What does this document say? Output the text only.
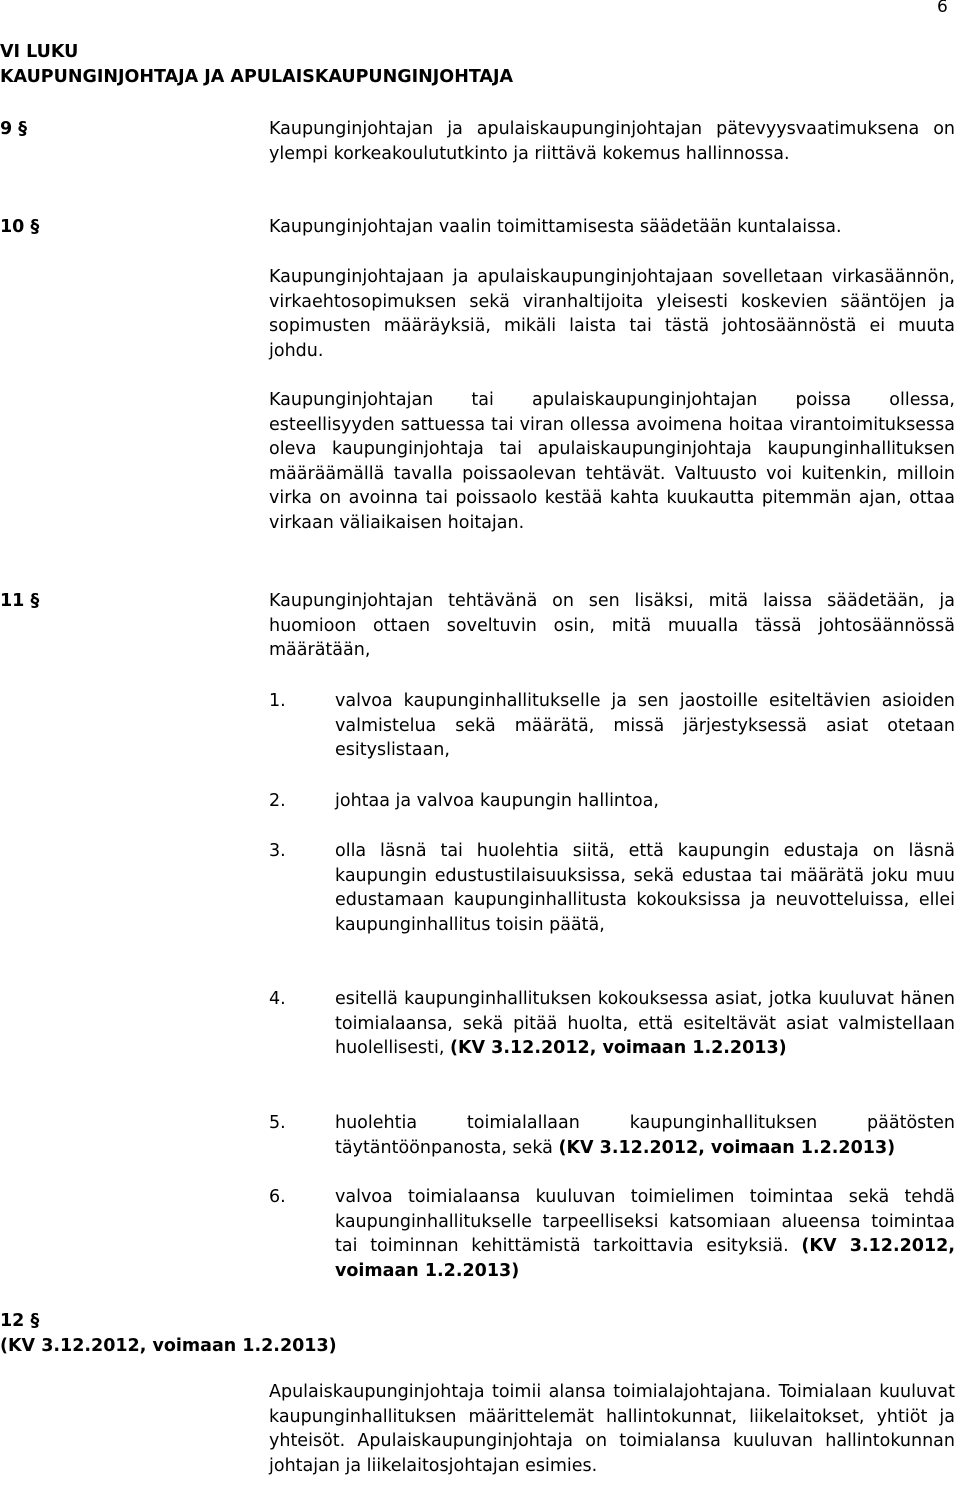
6

VI LUKU

KAUPUNGINJOHTAJA JA APULAISKAUPUNGINJOHTAJA

9 §	Kaupunginjohtajan ja apulaiskaupunginjohtajan pätevyysvaatimuksena on ylempi korkeakoulututkinto ja riittävä kokemus hallinnossa.

10 §	Kaupunginjohtajan vaalin toimittamisesta säädetään kuntalaissa.

Kaupunginjohtajaan ja apulaiskaupunginjohtajaan sovelletaan virkasäännön, virkaehtosopimuksen sekä viranhaltijoita yleisesti koskevien sääntöjen ja sopimusten määräyksiä, mikäli laista tai tästä johtosäännöstä ei muuta johdu.

Kaupunginjohtajan tai apulaiskaupunginjohtajan poissa ollessa, esteellisyyden sattuessa tai viran ollessa avoimena hoitaa virantoimituksessa oleva kaupunginjohtaja tai apulaiskaupunginjohtaja kaupunginhallituksen määräämällä tavalla poissaolevan tehtävät. Valtuusto voi kuitenkin, milloin virka on avoinna tai poissaolo kestää kahta kuukautta pitemmän ajan, ottaa virkaan väliaikaisen hoitajan.

11 §	Kaupunginjohtajan tehtävänä on sen lisäksi, mitä laissa säädetään, ja huomioon ottaen soveltuvin osin, mitä muualla tässä johtosäännössä määrätään,

1.	valvoa kaupunginhallitukselle ja sen jaostoille esiteltävien asioiden valmistelua sekä määrätä, missä järjestyksessä asiat otetaan esityslistaan,

2.	johtaa ja valvoa kaupungin hallintoa,

3.	olla läsnä tai huolehtia siitä, että kaupungin edustaja on läsnä kaupungin edustustilaisuuksissa, sekä edustaa tai määrätä joku muu edustamaan kaupunginhallitusta kokouksissa ja neuvotteluissa, ellei kaupunginhallitus toisin päätä,

4.	esitellä kaupunginhallituksen kokouksessa asiat, jotka kuuluvat hänen toimialaansa, sekä pitää huolta, että esiteltävät asiat valmistellaan huolellisesti, (KV 3.12.2012, voimaan 1.2.2013)

5.	huolehtia toimialallaan kaupunginhallituksen päätösten täytäntöönpanosta, sekä (KV 3.12.2012, voimaan 1.2.2013)

6.	valvoa toimialaansa kuuluvan toimielimen toimintaa sekä tehdä kaupunginhallitukselle tarpeelliseksi katsomiaan alueensa toimintaa tai toiminnan kehittämistä tarkoittavia esityksiä. (KV 3.12.2012, voimaan 1.2.2013)

12 §

(KV 3.12.2012, voimaan 1.2.2013)

Apulaiskaupunginjohtaja toimii alansa toimialajohtajana. Toimialaan kuuluvat kaupunginhallituksen määrittelemät hallintokunnat, liikelaitokset, yhtiöt ja yhteisöt. Apulaiskaupunginjohtaja on toimialansa kuuluvan hallintokunnan johtajan ja liikelaitosjohtajan esimies.
